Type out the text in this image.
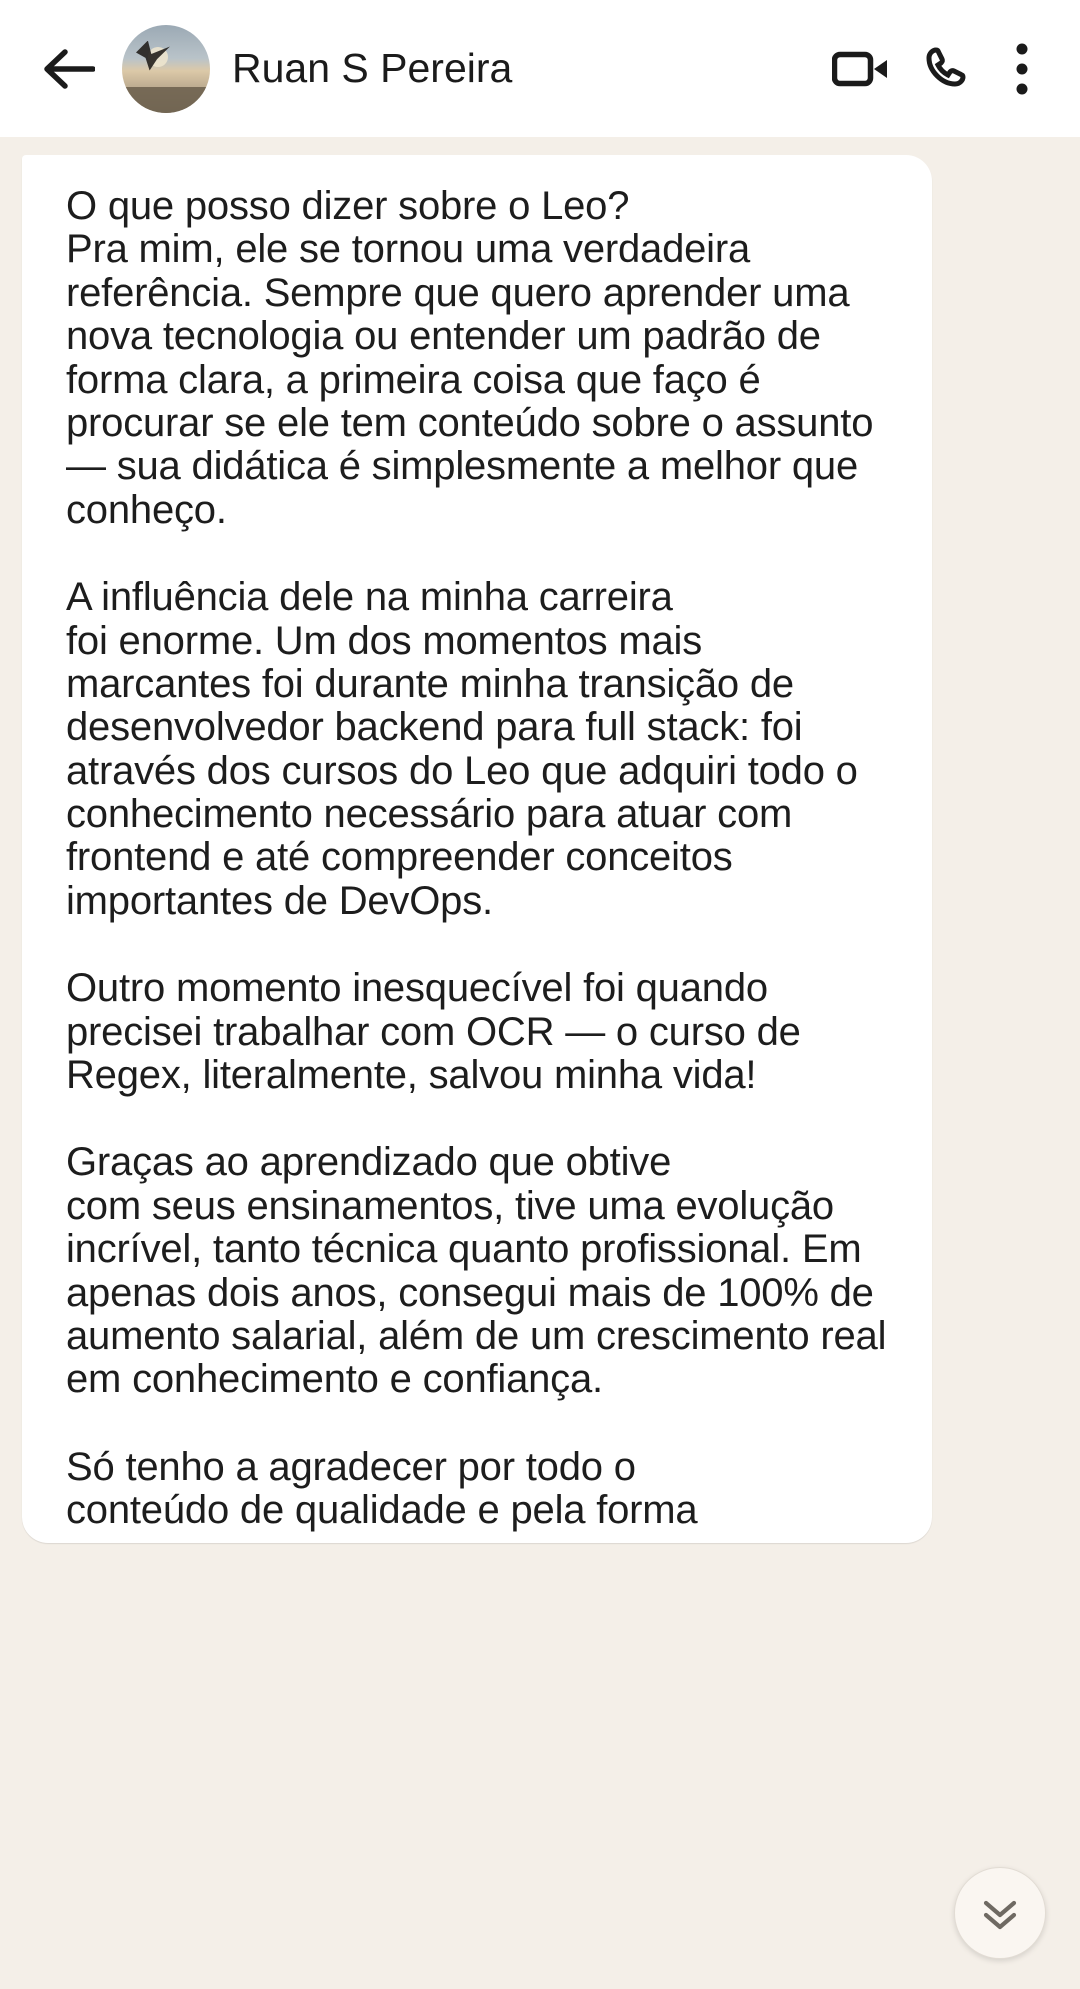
Ruan S Pereira

O que posso dizer sobre o Leo?

Pra mim, ele se tornou uma verdadeira referência. Sempre que quero aprender uma nova tecnologia ou entender um padrão de forma clara, a primeira coisa que faço é procurar se ele tem conteúdo sobre o assunto — sua didática é simplesmente a melhor que conheço.

A influência dele na minha carreira

foi enorme. Um dos momentos mais marcantes foi durante minha transição de desenvolvedor backend para full stack: foi através dos cursos do Leo que adquiri todo o conhecimento necessário para atuar com frontend e até compreender conceitos importantes de DevOps.

Outro momento inesquecível foi quando precisei trabalhar com OCR — o curso de Regex, literalmente, salvou minha vida!

Graças ao aprendizado que obtive

com seus ensinamentos, tive uma evolução incrível, tanto técnica quanto profissional. Em apenas dois anos, consegui mais de 100% de aumento salarial, além de um crescimento real em conhecimento e confiança.

Só tenho a agradecer por todo o

conteúdo de qualidade e pela forma
